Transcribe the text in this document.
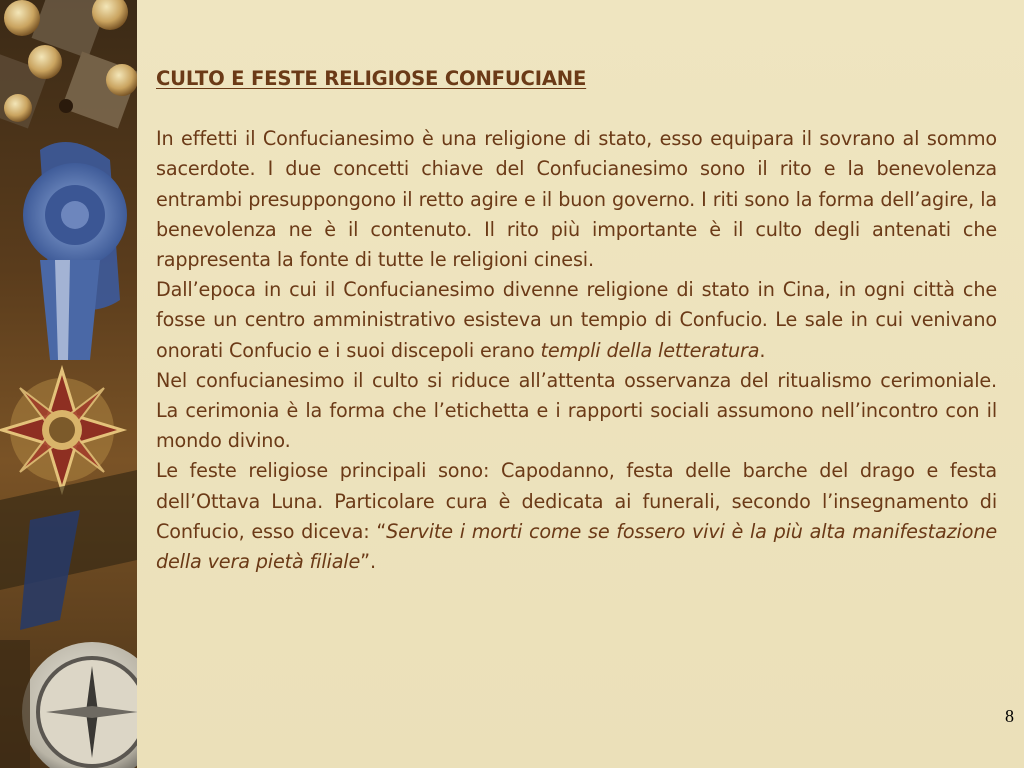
CULTO E FESTE RELIGIOSE CONFUCIANE

In effetti il Confucianesimo è una religione di stato, esso equipara il sovrano al sommo sacerdote. I due concetti chiave del Confucianesimo sono il rito e la benevolenza entrambi presuppongono il retto agire e il buon governo. I riti sono la forma dell’agire, la benevolenza ne è il contenuto. Il rito più importante è il culto degli antenati che rappresenta la fonte di tutte le religioni cinesi.

Dall’epoca in cui il Confucianesimo divenne religione di stato in Cina, in ogni città che fosse un centro amministrativo esisteva un tempio di Confucio. Le sale in cui venivano onorati Confucio e i suoi discepoli erano templi della letteratura.

Nel confucianesimo il culto si riduce all’attenta osservanza del ritualismo cerimoniale. La cerimonia è la forma che l’etichetta e i rapporti sociali assumono nell’incontro con il mondo divino.

Le feste religiose principali sono: Capodanno, festa delle barche del drago e festa dell’Ottava Luna. Particolare cura è dedicata ai funerali, secondo l’insegnamento di Confucio, esso diceva: “Servite i morti come se fossero vivi è la più alta manifestazione della vera pietà filiale”.

8
